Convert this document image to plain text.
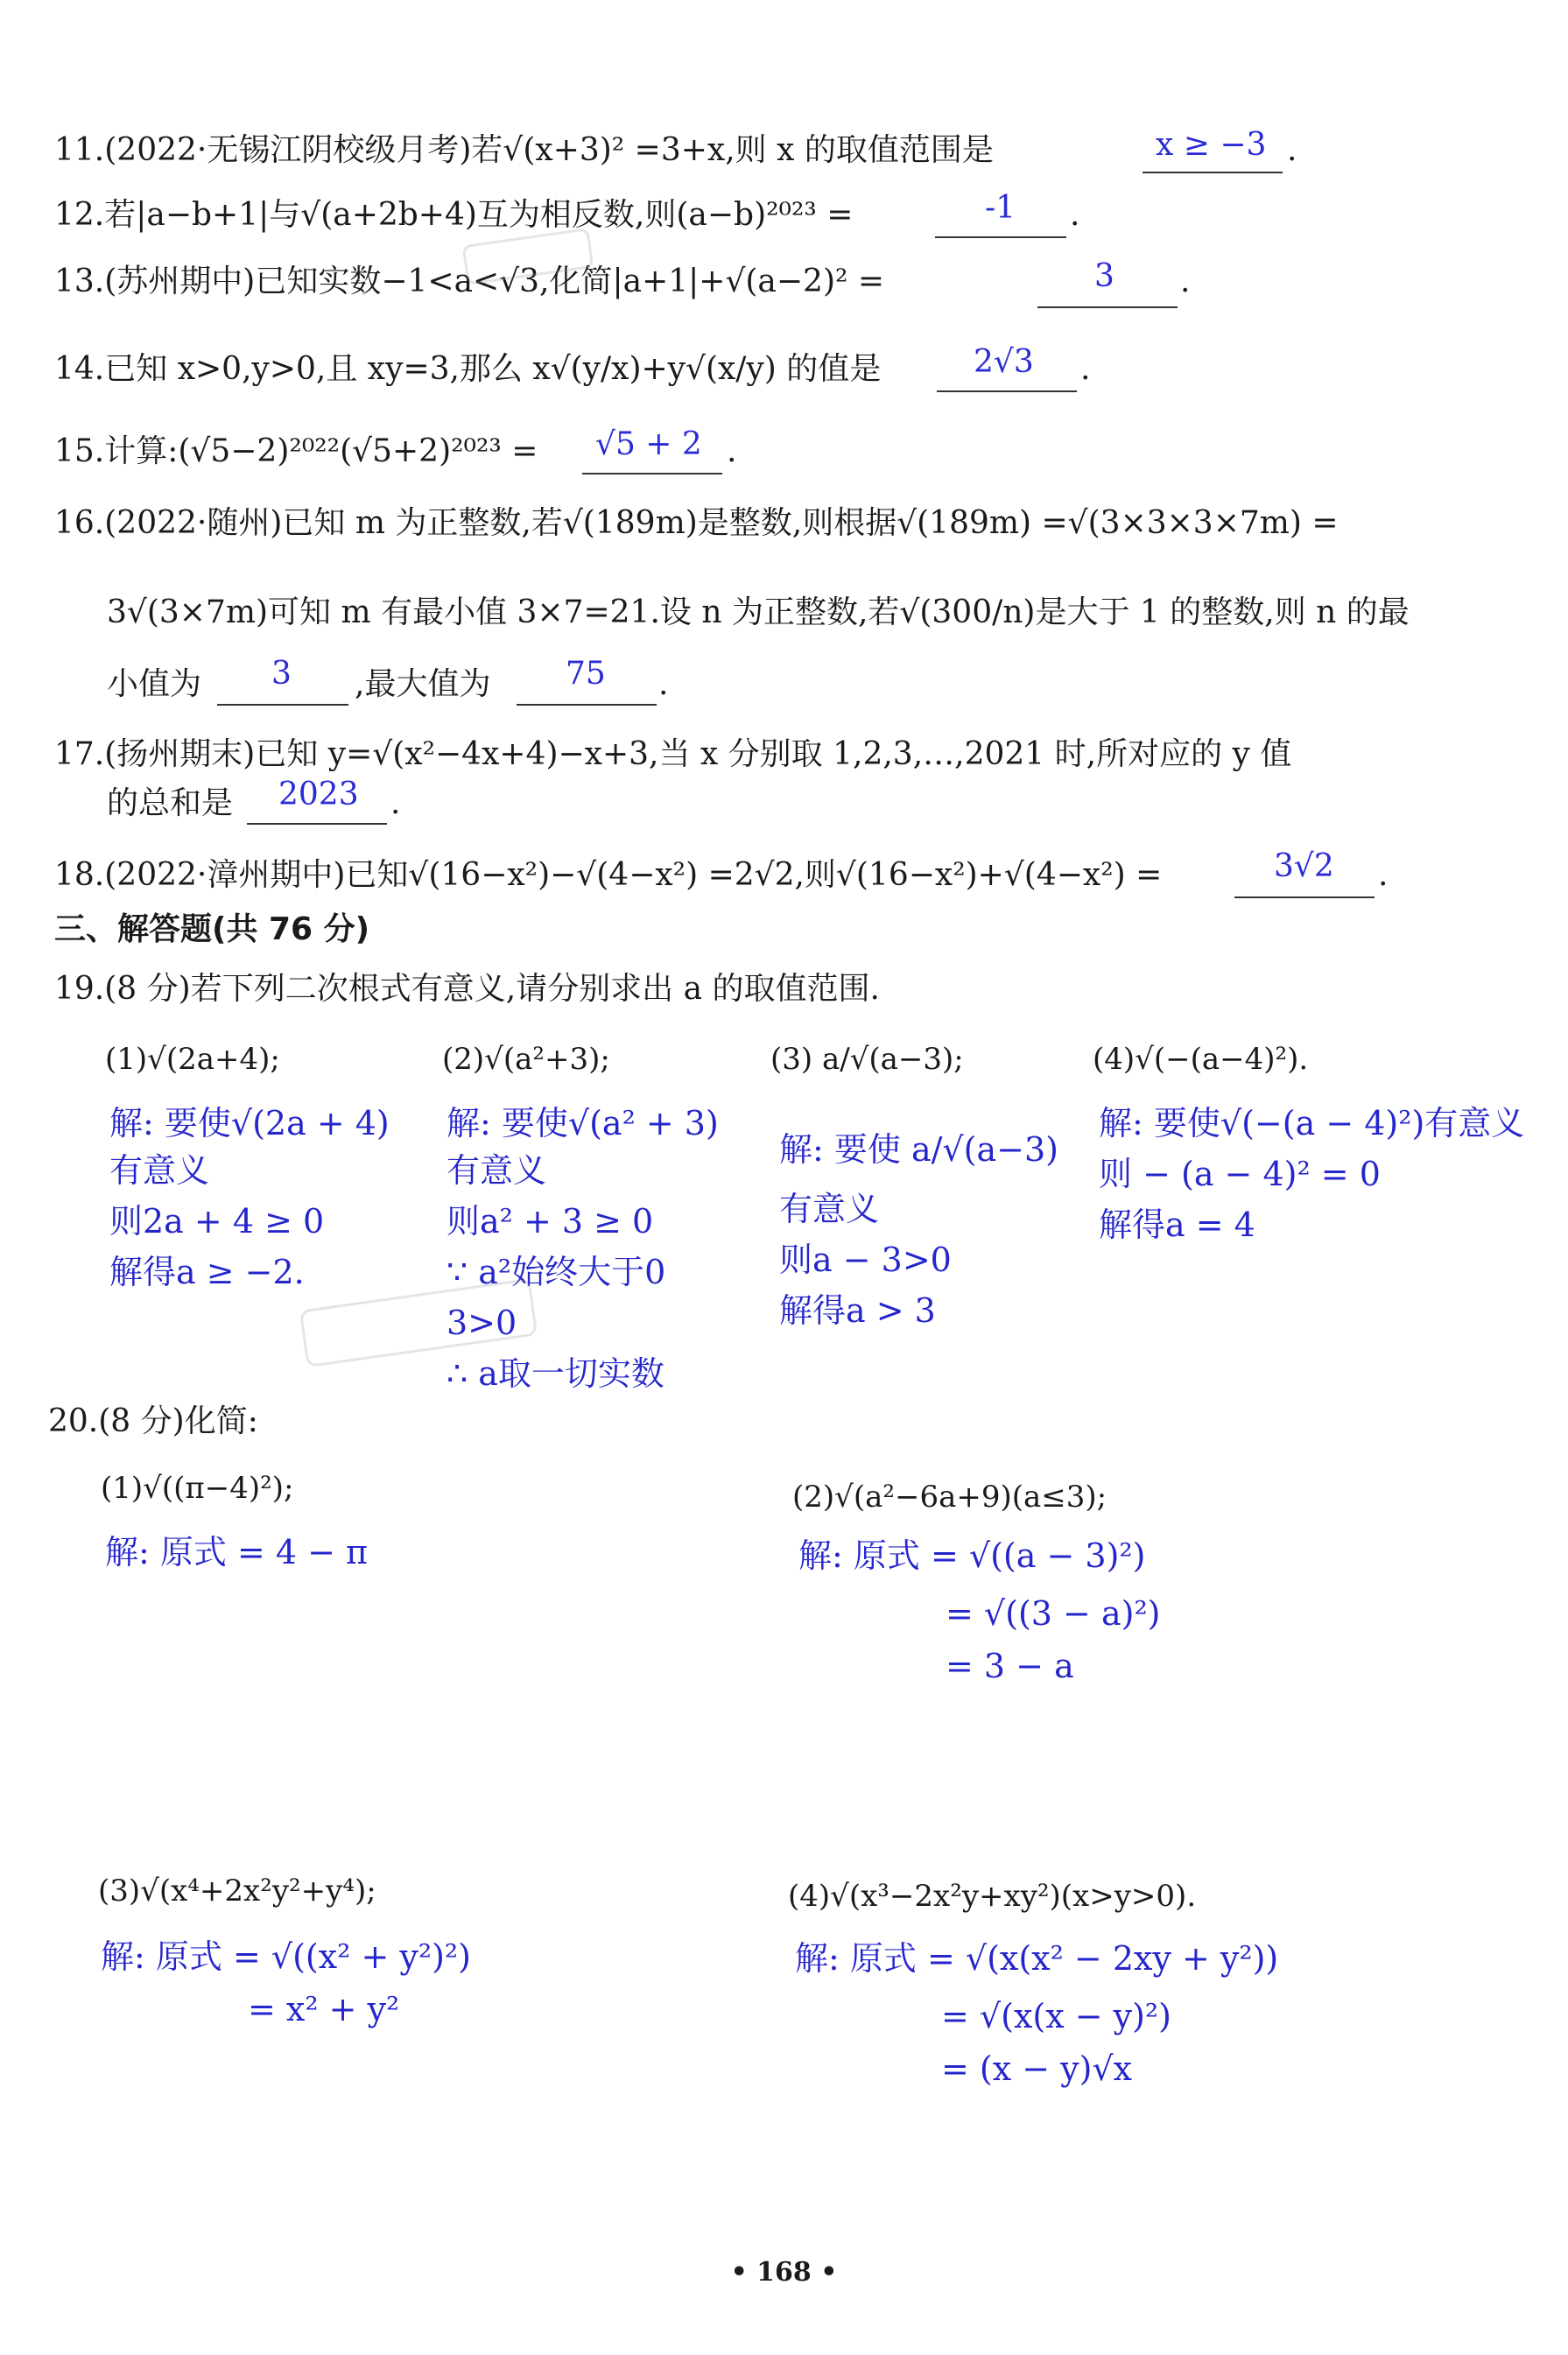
11.(2022·无锡江阴校级月考)若√(x+3)² =3+x,则 x 的取值范围是	x ≥ −3 .
12.若|a−b+1|与√(a+2b+4)互为相反数,则(a−b)²⁰²³ =	-1 .
13.(苏州期中)已知实数−1<a<√3,化简|a+1|+√(a−2)² =	3 .
14.已知 x>0,y>0,且 xy=3,那么 x√(y/x)+y√(x/y) 的值是	2√3 .
15.计算:(√5−2)²⁰²²(√5+2)²⁰²³ = √5 + 2 .
16.(2022·随州)已知 m 为正整数,若√(189m)是整数,则根据√(189m) =√(3×3×3×7m) =
3√(3×7m)可知 m 有最小值 3×7=21.设 n 为正整数,若√(300/n)是大于 1 的整数,则 n 的最
小值为 3 ,最大值为 75 .
17.(扬州期末)已知 y=√(x²−4x+4)−x+3,当 x 分别取 1,2,3,…,2021 时,所对应的 y 值
的总和是 2023 .
18.(2022·漳州期中)已知√(16−x²)−√(4−x²) =2√2,则√(16−x²)+√(4−x²) =	3√2 .
三、解答题(共 76 分)
19.(8 分)若下列二次根式有意义,请分别求出 a 的取值范围.
(1)√(2a+4);
解: 要使√(2a + 4)
有意义
则2a + 4 ≥ 0
解得a ≥ −2.
(2)√(a²+3);
解: 要使√(a² + 3)
有意义
则a² + 3 ≥ 0
∵ a²始终大于0
3>0
∴ a取一切实数
(3) a/√(a−3);
解: 要使 a/√(a−3)
有意义
则a − 3>0
解得a > 3
(4)√(−(a−4)²).
解: 要使√(−(a − 4)²)有意义
则 − (a − 4)² = 0
解得a = 4
20.(8 分)化简:
(1)√((π−4)²);
解: 原式 = 4 − π
(2)√(a²−6a+9)(a≤3);
解: 原式 = √((a − 3)²)
= √((3 − a)²)
= 3 − a
(3)√(x⁴+2x²y²+y⁴);
解: 原式 = √((x² + y²)²)
= x² + y²
(4)√(x³−2x²y+xy²)(x>y>0).
解: 原式 = √(x(x² − 2xy + y²))
= √(x(x − y)²)
= (x − y)√x
• 168 •
